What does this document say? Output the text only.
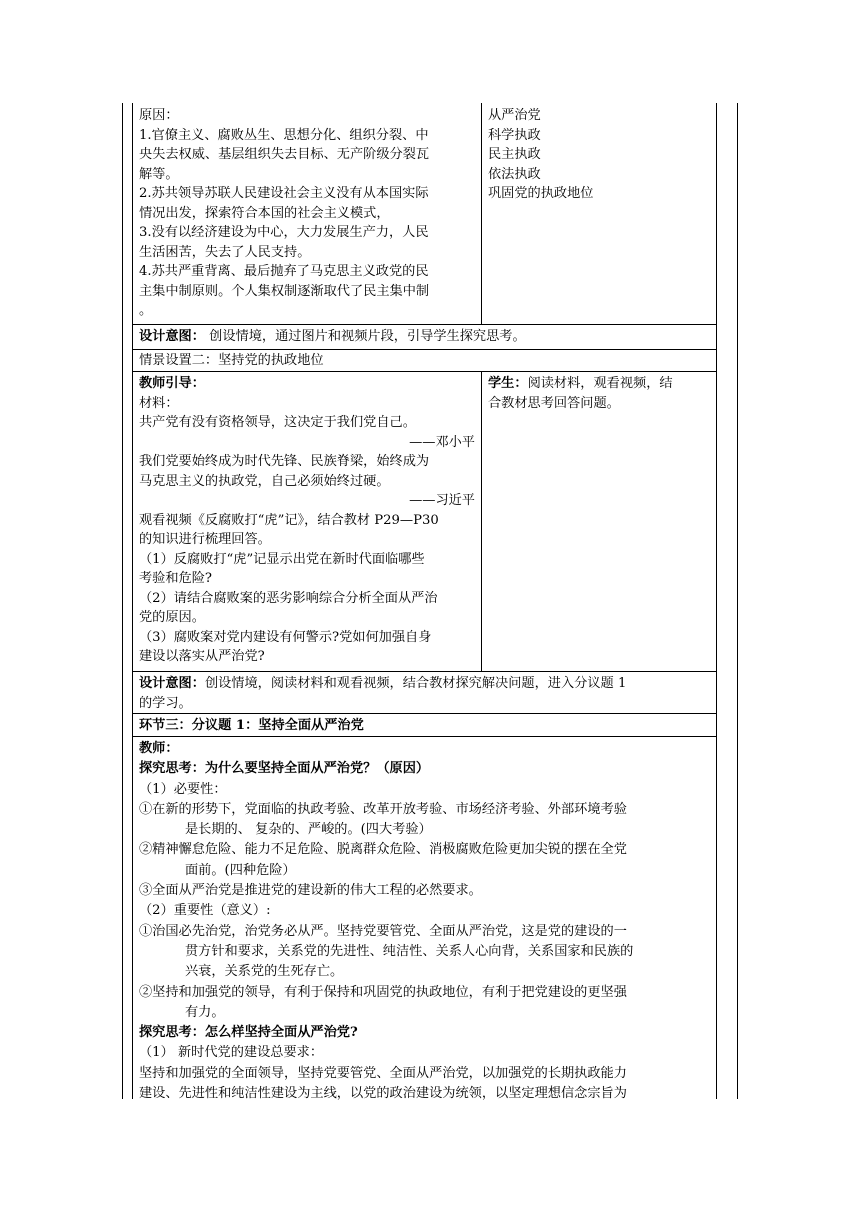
原因：
1.官僚主义、腐败丛生、思想分化、组织分裂、中
央失去权威、基层组织失去目标、无产阶级分裂瓦
解等。
2.苏共领导苏联人民建设社会主义没有从本国实际
情况出发，探索符合本国的社会主义模式，
3.没有以经济建设为中心，大力发展生产力，人民
生活困苦，失去了人民支持。
4.苏共严重背离、最后抛弃了马克思主义政党的民
主集中制原则。个人集权制逐渐取代了民主集中制
。
从严治党
科学执政
民主执政
依法执政
巩固党的执政地位
设计意图： 创设情境，通过图片和视频片段，引导学生探究思考。
情景设置二：坚持党的执政地位
教师引导：
材料：
共产党有没有资格领导，这决定于我们党自己。
——邓小平
我们党要始终成为时代先锋、民族脊梁，始终成为
马克思主义的执政党，自己必须始终过硬。
——习近平
观看视频《反腐败打“虎”记》，结合教材 P29—P30
的知识进行梳理回答。
（1）反腐败打“虎”记显示出党在新时代面临哪些
考验和危险?
（2）请结合腐败案的恶劣影响综合分析全面从严治
党的原因。
（3）腐败案对党内建设有何警示?党如何加强自身
建设以落实从严治党?
学生：阅读材料，观看视频，结
合教材思考回答问题。
设计意图：创设情境，阅读材料和观看视频，结合教材探究解决问题，进入分议题 1
的学习。
环节三：分议题 1：坚持全面从严治党
教师：
探究思考：为什么要坚持全面从严治党？（原因）
（1）必要性：
①在新的形势下，党面临的执政考验、改革开放考验、市场经济考验、外部环境考验
是长期的、 复杂的、严峻的。(四大考验）
②精神懈怠危险、能力不足危险、脱离群众危险、消极腐败危险更加尖锐的摆在全党
面前。(四种危险）
③全面从严治党是推进党的建设新的伟大工程的必然要求。
（2）重要性（意义）:
①治国必先治党，治党务必从严。坚持党要管党、全面从严治党，这是党的建设的一
贯方针和要求，关系党的先进性、纯洁性、关系人心向背，关系国家和民族的
兴衰，关系党的生死存亡。
②坚持和加强党的领导，有利于保持和巩固党的执政地位，有利于把党建设的更坚强
有力。
探究思考：怎么样坚持全面从严治党?
（1） 新时代党的建设总要求：
坚持和加强党的全面领导，坚持党要管党、全面从严治党，以加强党的长期执政能力
建设、先进性和纯洁性建设为主线，以党的政治建设为统领，以坚定理想信念宗旨为
